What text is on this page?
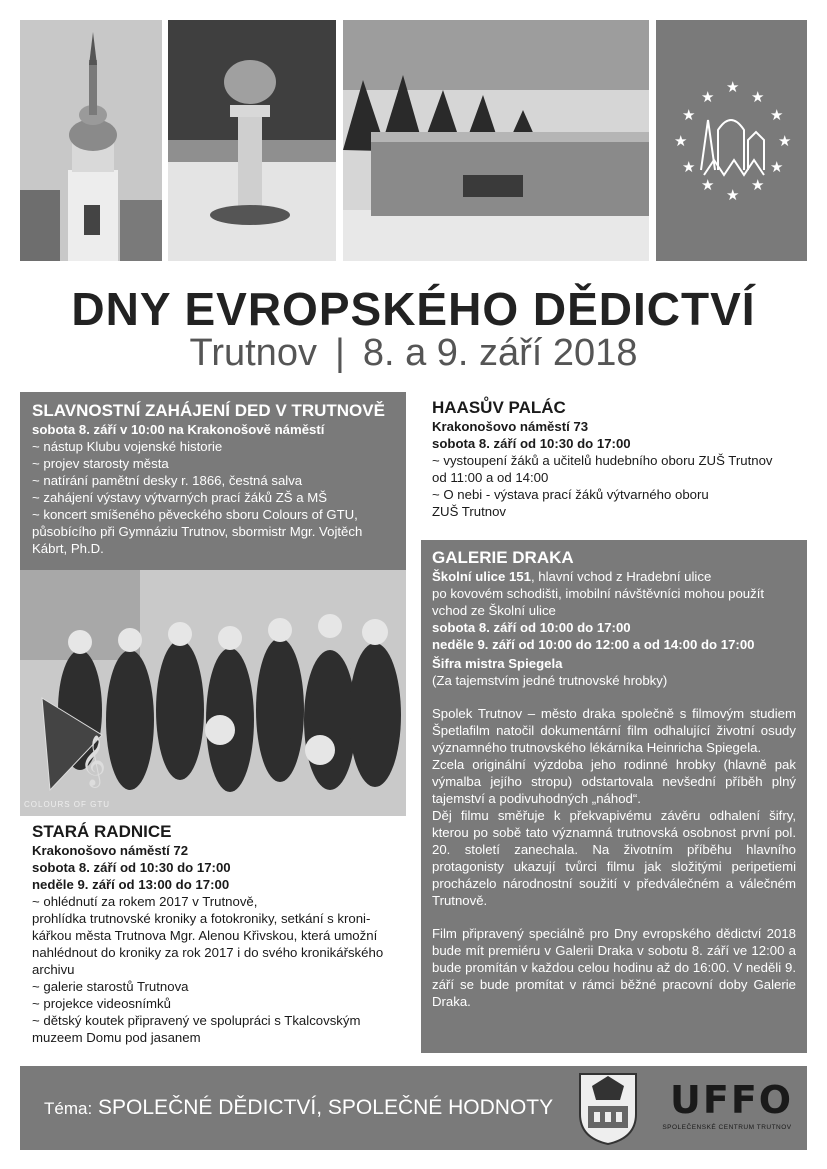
★
★
★
★
★
★
★
★
★
★
★
★
DNY EVROPSKÉHO DĚDICTVÍ
Trutnov | 8. a 9. září 2018
SLAVNOSTNÍ ZAHÁJENÍ DED V TRUTNOVĚ
sobota 8. září v 10:00 na Krakonošově náměstí
~ nástup Klubu vojenské historie
~ projev starosty města
~ natírání pamětní desky r. 1866, čestná salva
~ zahájení výstavy výtvarných prací žáků ZŠ a MŠ
~ koncert smíšeného pěveckého sboru Colours of GTU,
působícího při Gymnáziu Trutnov, sbormistr Mgr. Vojtěch
Kábrt, Ph.D.
𝄞
COLOURS OF GTU
STARÁ RADNICE
Krakonošovo náměstí 72
sobota 8. září od 10:30 do 17:00
neděle 9. září od 13:00 do 17:00
~ ohlédnutí za rokem 2017 v Trutnově,
prohlídka trutnovské kroniky a fotokroniky, setkání s kroni-
kářkou města Trutnova Mgr. Alenou Křivskou, která umožní
nahlédnout do kroniky za rok 2017 i do svého kronikářského
archivu
~ galerie starostů Trutnova
~ projekce videosnímků
~ dětský koutek připravený ve spolupráci s Tkalcovským
muzeem Domu pod jasanem
HAASŮV PALÁC
Krakonošovo náměstí 73
sobota 8. září od 10:30 do 17:00
~ vystoupení žáků a učitelů hudebního oboru ZUŠ Trutnov
od 11:00 a od 14:00
~ O nebi - výstava prací žáků výtvarného oboru
ZUŠ Trutnov
GALERIE DRAKA
Školní ulice 151, hlavní vchod z Hradební ulice
po kovovém schodišti, imobilní návštěvníci mohou použít
vchod ze Školní ulice
sobota 8. září od 10:00 do 17:00
neděle 9. září od 10:00 do 12:00 a od 14:00 do 17:00
Šifra mistra Spiegela
(Za tajemstvím jedné trutnovské hrobky)

Spolek Trutnov – město draka společně s filmovým studiem Špetlafilm natočil dokumentární film odhalující životní osudy významného trutnovského lékárníka Heinricha Spiegela.

Zcela originální výzdoba jeho rodinné hrobky (hlavně pak výmalba jejího stropu) odstartovala nevšední příběh plný tajemství a podivuhodných „náhod“.

Děj filmu směřuje k překvapivému závěru odhalení šifry, kterou po sobě tato významná trutnovská osobnost první pol. 20. století zanechala. Na životním příběhu hlavního protagonisty ukazují tvůrci filmu jak složitými peripetiemi procházelo národnostní soužití v předválečném a válečném Trutnově.

Film připravený speciálně pro Dny evropského dědictví 2018 bude mít premiéru v Galerii Draka v sobotu 8. září ve 12:00 a bude promítán v každou celou hodinu až do 16:00. V neděli 9. září se bude promítat v rámci běžné pracovní doby Galerie Draka.

Téma: SPOLEČNÉ DĚDICTVÍ, SPOLEČNÉ HODNOTY	UFFO
SPOLEČENSKÉ CENTRUM TRUTNOV
